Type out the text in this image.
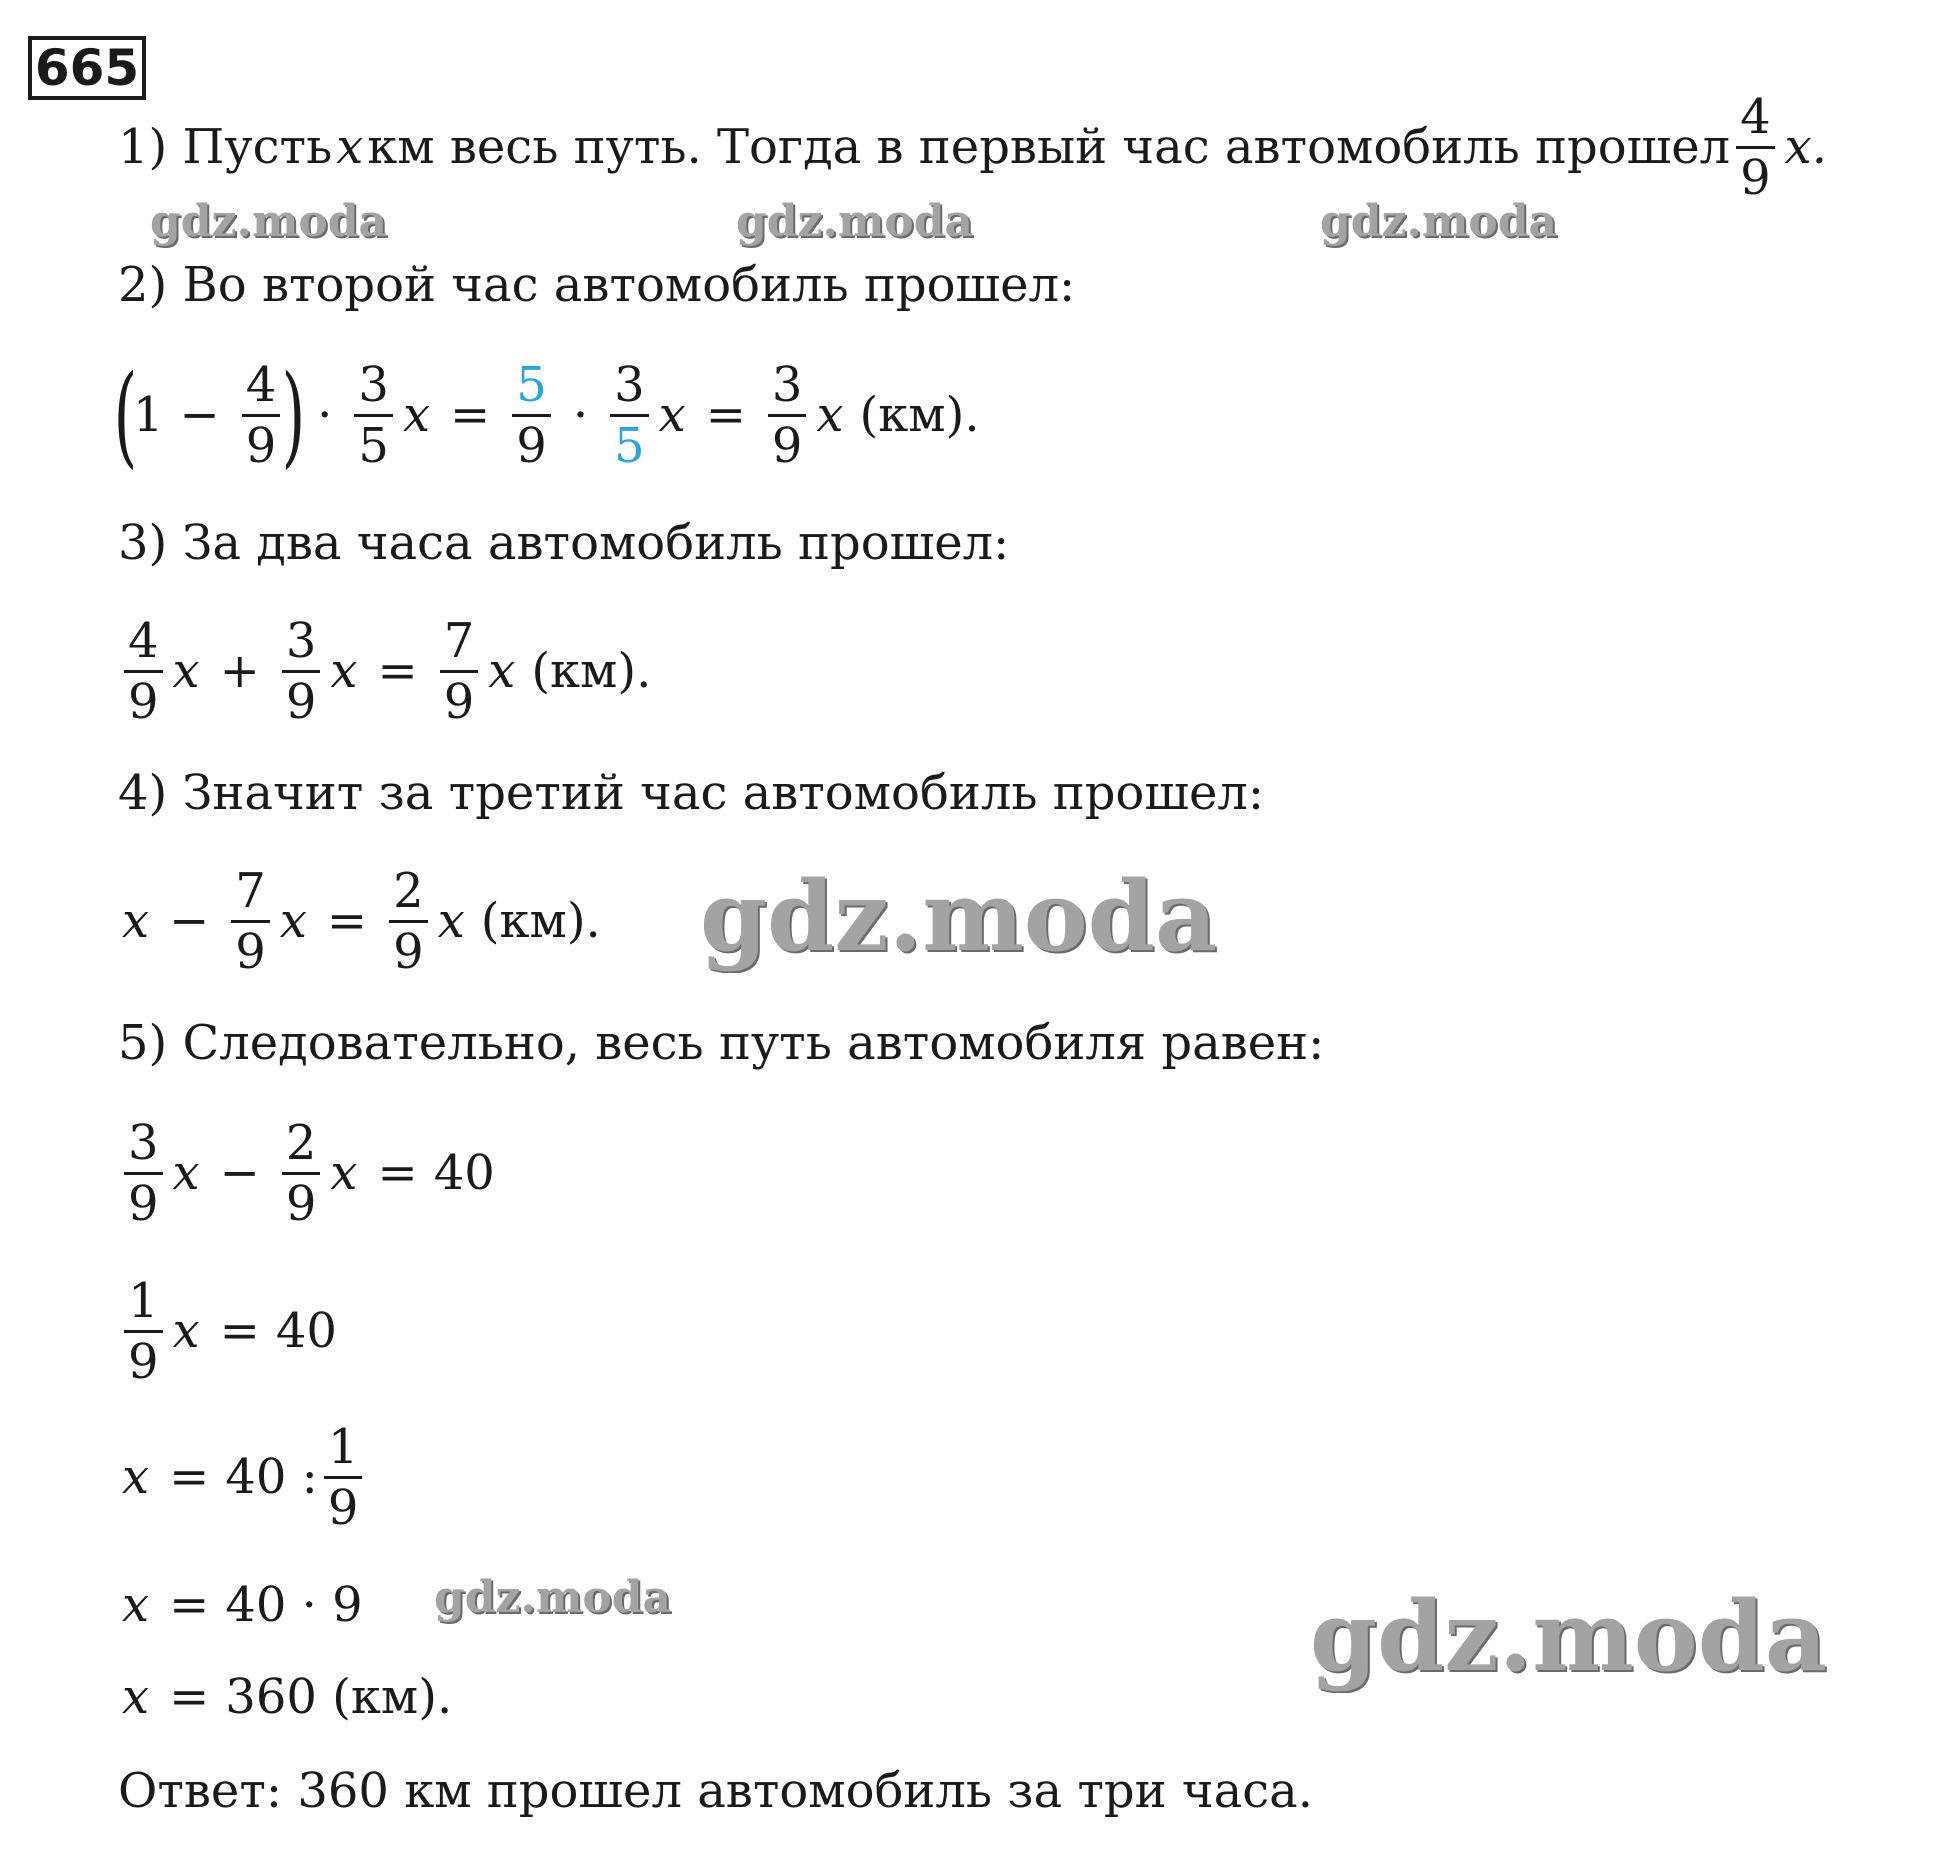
665
1) Пусть x км весь путь. Тогда в первый час автомобиль прошел
4
9
x.
2) Во второй час автомобиль прошел:
(
$1 - \frac{4}{9}$ ) ·
3
5
$x = \frac{5}{9}$ ·
3
5
$x = \frac{3}{9}$ x (км).
3) За два часа автомобиль прошел:
4
9
$x + \frac{3}{9}$ $x = \frac{7}{9}$ x (км).
4) Значит за третий час автомобиль прошел:
$x - \frac{7}{9}$ $x = \frac{2}{9}$ x (км).
5) Следовательно, весь путь автомобиля равен:
3
9
$x - \frac{2}{9}$ x = 40
1
9
x = 40
x = 40 :
1
9
x = 40 · 9
x = 360 (км).
Ответ: 360 км прошел автомобиль за три часа.
gdz.moda	gdz.moda	gdz.moda
gdz.moda
gdz.moda	gdz.moda
